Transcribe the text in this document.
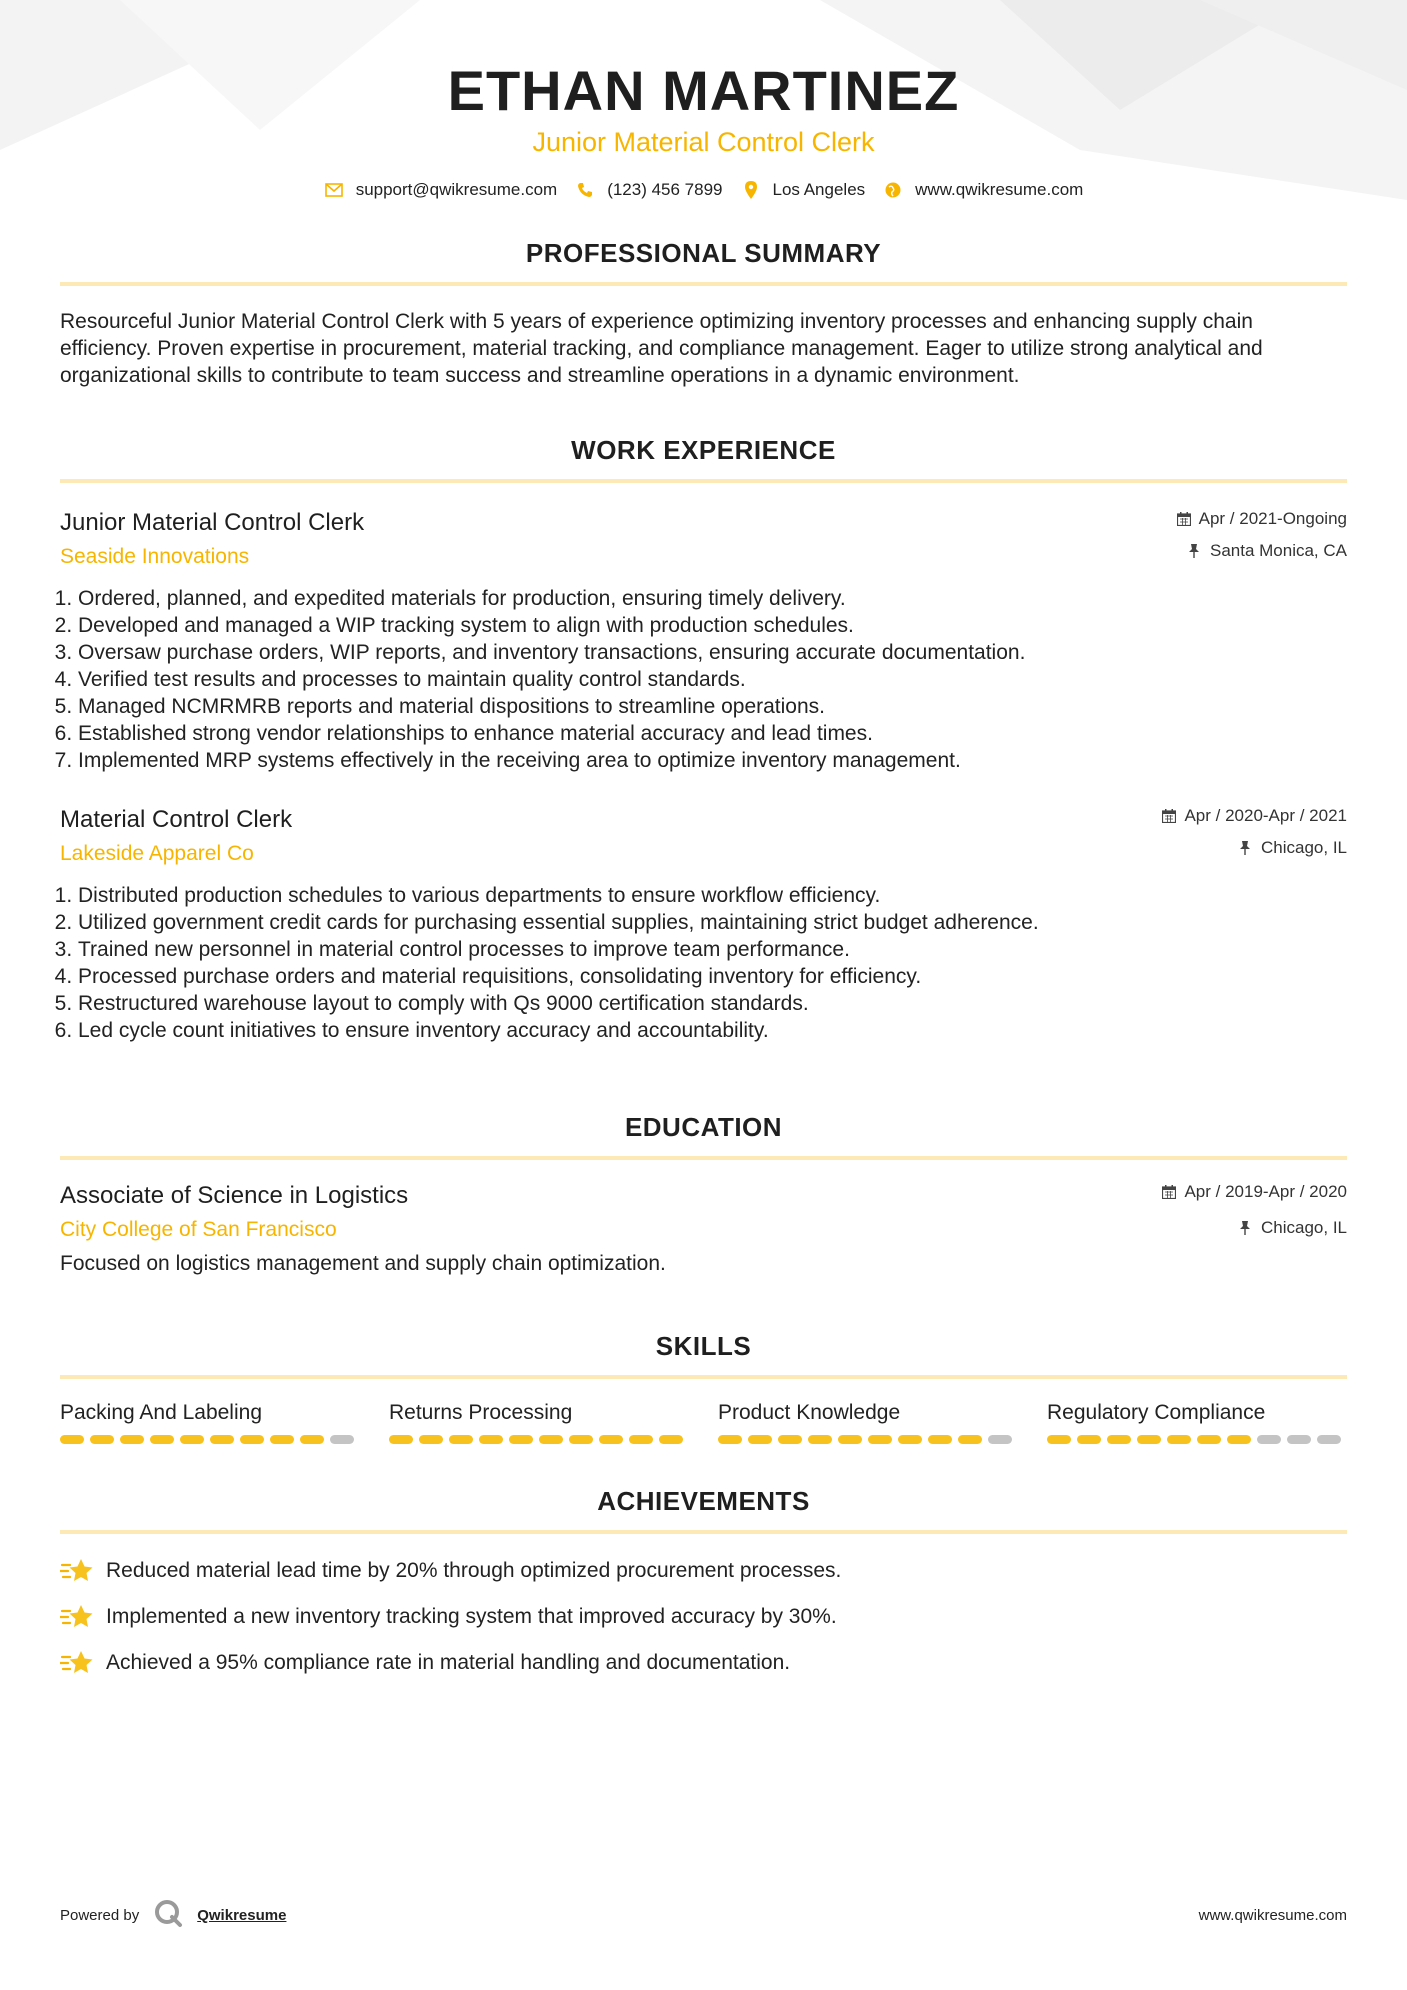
ETHAN MARTINEZ
Junior Material Control Clerk
support@qwikresume.com	(123) 456 7899	Los Angeles	www.qwikresume.com
PROFESSIONAL SUMMARY
Resourceful Junior Material Control Clerk with 5 years of experience optimizing inventory processes and enhancing supply chain efficiency. Proven expertise in procurement, material tracking, and compliance management. Eager to utilize strong analytical and organizational skills to contribute to team success and streamline operations in a dynamic environment.
WORK EXPERIENCE
Junior Material Control Clerk
Seaside Innovations
Apr / 2021-Ongoing
Santa Monica, CA
1. Ordered, planned, and expedited materials for production, ensuring timely delivery.
2. Developed and managed a WIP tracking system to align with production schedules.
3. Oversaw purchase orders, WIP reports, and inventory transactions, ensuring accurate documentation.
4. Verified test results and processes to maintain quality control standards.
5. Managed NCMRMRB reports and material dispositions to streamline operations.
6. Established strong vendor relationships to enhance material accuracy and lead times.
7. Implemented MRP systems effectively in the receiving area to optimize inventory management.
Material Control Clerk
Lakeside Apparel Co
Apr / 2020-Apr / 2021
Chicago, IL
1. Distributed production schedules to various departments to ensure workflow efficiency.
2. Utilized government credit cards for purchasing essential supplies, maintaining strict budget adherence.
3. Trained new personnel in material control processes to improve team performance.
4. Processed purchase orders and material requisitions, consolidating inventory for efficiency.
5. Restructured warehouse layout to comply with Qs 9000 certification standards.
6. Led cycle count initiatives to ensure inventory accuracy and accountability.
EDUCATION
Associate of Science in Logistics
City College of San Francisco
Apr / 2019-Apr / 2020
Chicago, IL
Focused on logistics management and supply chain optimization.
SKILLS
Packing And Labeling	Returns Processing	Product Knowledge	Regulatory Compliance
ACHIEVEMENTS
Reduced material lead time by 20% through optimized procurement processes.
Implemented a new inventory tracking system that improved accuracy by 30%.
Achieved a 95% compliance rate in material handling and documentation.
Powered by	Qwikresume	www.qwikresume.com
